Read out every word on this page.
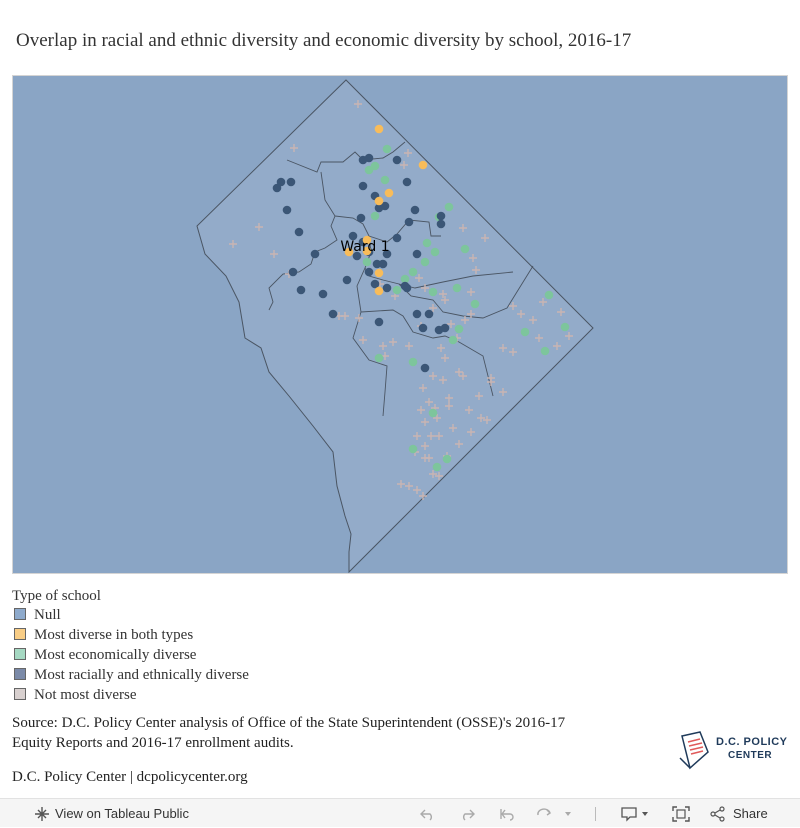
Overlap in racial and ethnic diversity and economic diversity by school, 2016-17
Ward 1
Type of school
Null
Most diverse in both types
Most economically diverse
Most racially and ethnically diverse
Not most diverse
Source: D.C. Policy Center analysis of Office of the State Superintendent (OSSE)'s 2016-17
Equity Reports and 2016-17 enrollment audits.
D.C. Policy Center | dcpolicycenter.org
D.C. POLICY
CENTER
View on Tableau Public	Share
